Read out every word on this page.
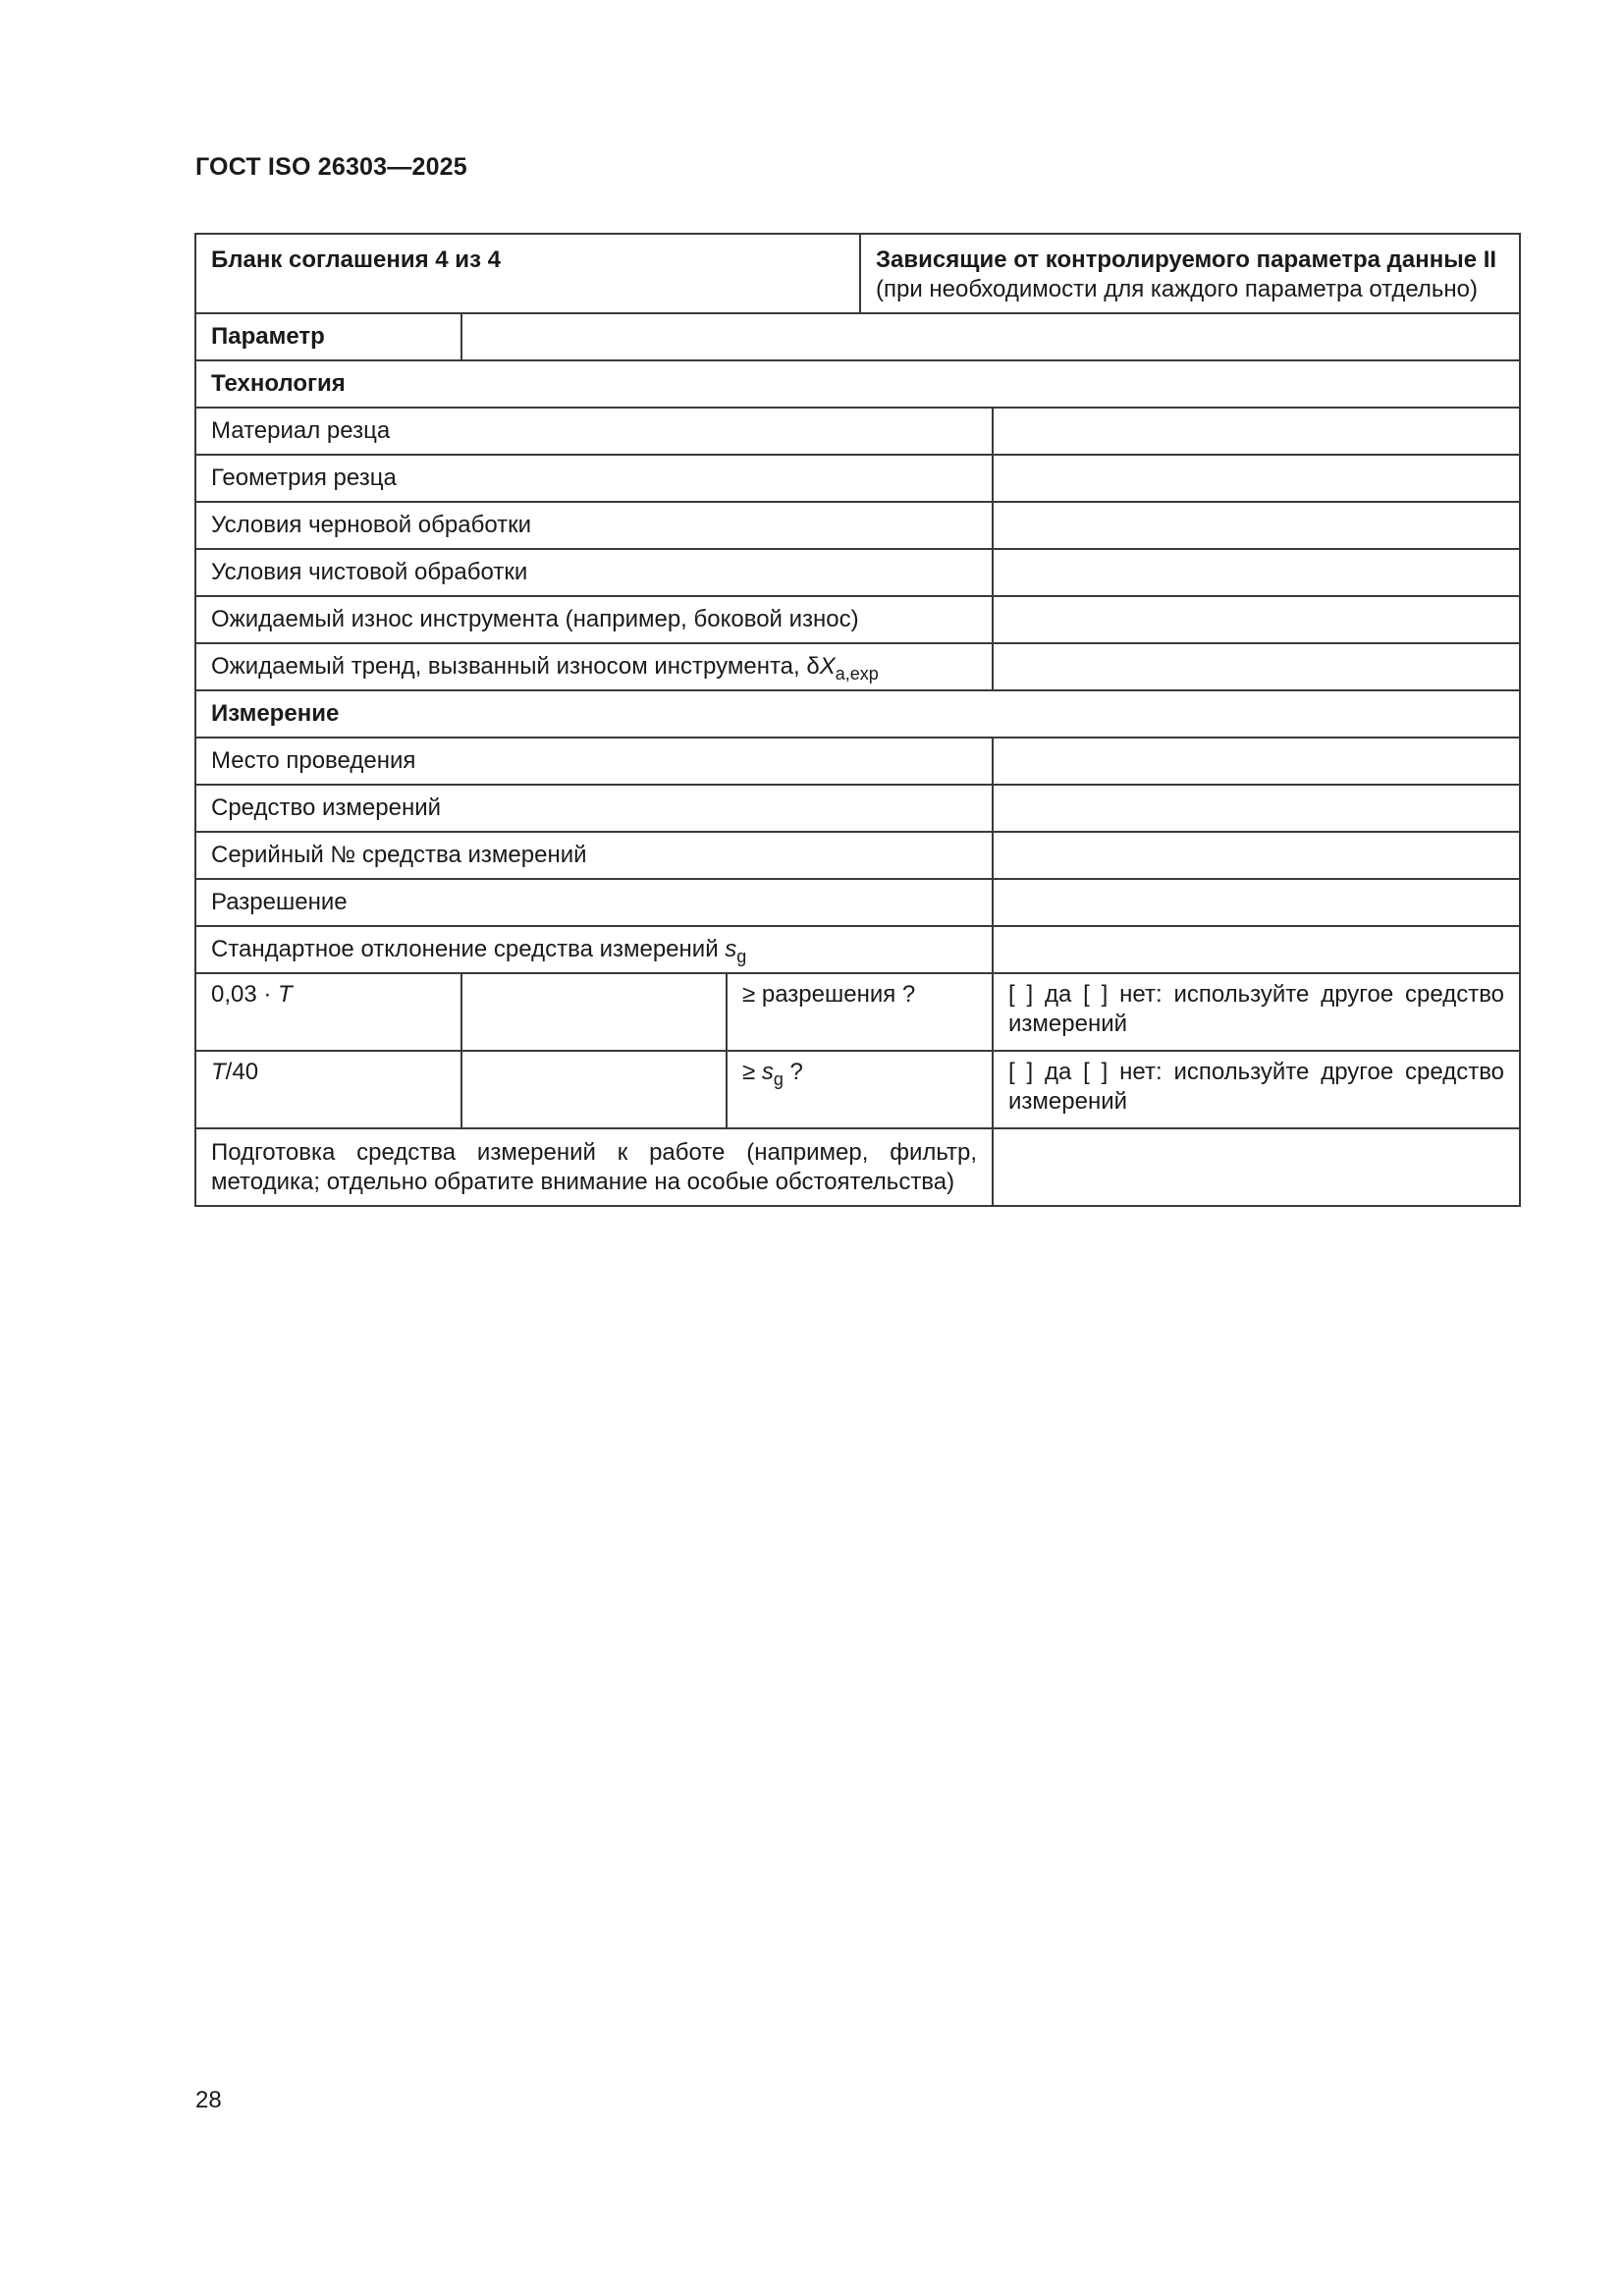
ГОСТ ISO 26303—2025
Бланк соглашения 4 из 4			Зависящие от контролируемого параметра данные II
(при необходимости для каждого параметра отдельно)	

Параметр				
Технология				
Материал резца				
Геометрия резца				
Условия черновой обработки				
Условия чистовой обработки				
Ожидаемый износ инструмента (например, боковой износ)				
Ожидаемый тренд, вызванный износом инструмента, $\delta X_{a,exp}$	
Измерение				
Место проведения				
Средство измерений				
Серийный № средства измерений				
Разрешение				
Стандартное отклонение средства измерений $s_g$	
0,03 · T		≥ разрешения ?		[ ] да [ ] нет: используйте другое средство измерений
T/40		≥ $s_g$ ?		[ ] да [ ] нет: используйте другое средство измерений
Подготовка средства измерений к работе (например, фильтр, методика; отдельно обратите внимание на особые обстоятельства)				
28
